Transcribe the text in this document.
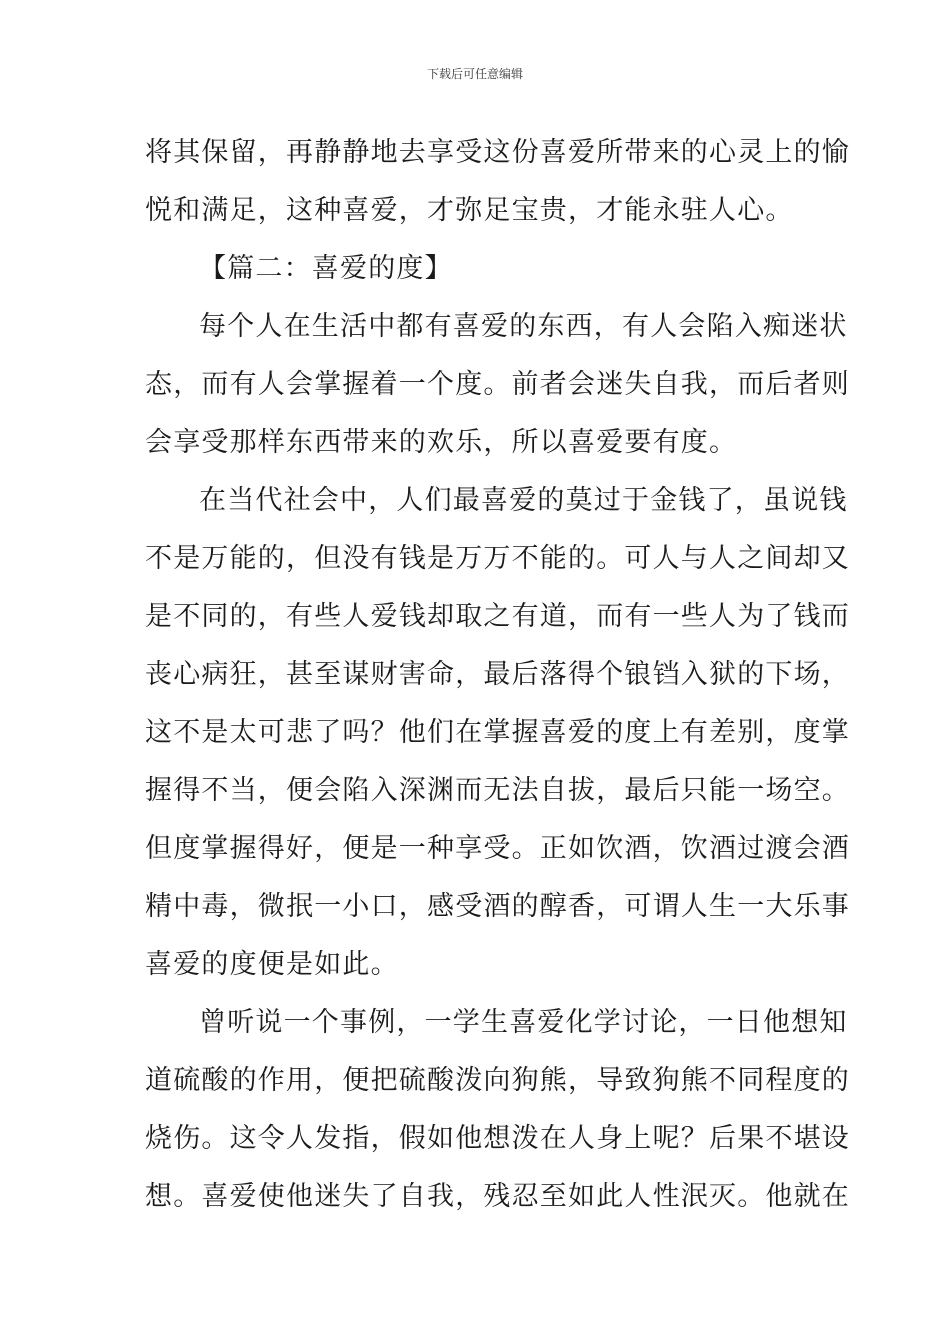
下载后可任意编辑
将其保留，再静静地去享受这份喜爱所带来的心灵上的愉
悦和满足，这种喜爱，才弥足宝贵，才能永驻人心。
【篇二：喜爱的度】
每个人在生活中都有喜爱的东西，有人会陷入痴迷状
态，而有人会掌握着一个度。前者会迷失自我，而后者则
会享受那样东西带来的欢乐，所以喜爱要有度。
在当代社会中，人们最喜爱的莫过于金钱了，虽说钱
不是万能的，但没有钱是万万不能的。可人与人之间却又
是不同的，有些人爱钱却取之有道，而有一些人为了钱而
丧心病狂，甚至谋财害命，最后落得个锒铛入狱的下场，
这不是太可悲了吗？他们在掌握喜爱的度上有差别，度掌
握得不当，便会陷入深渊而无法自拔，最后只能一场空。
但度掌握得好，便是一种享受。正如饮酒，饮酒过渡会酒
精中毒，微抿一小口，感受酒的醇香，可谓人生一大乐事
喜爱的度便是如此。
曾听说一个事例，一学生喜爱化学讨论，一日他想知
道硫酸的作用，便把硫酸泼向狗熊，导致狗熊不同程度的
烧伤。这令人发指，假如他想泼在人身上呢？后果不堪设
想。喜爱使他迷失了自我，残忍至如此人性泯灭。他就在
